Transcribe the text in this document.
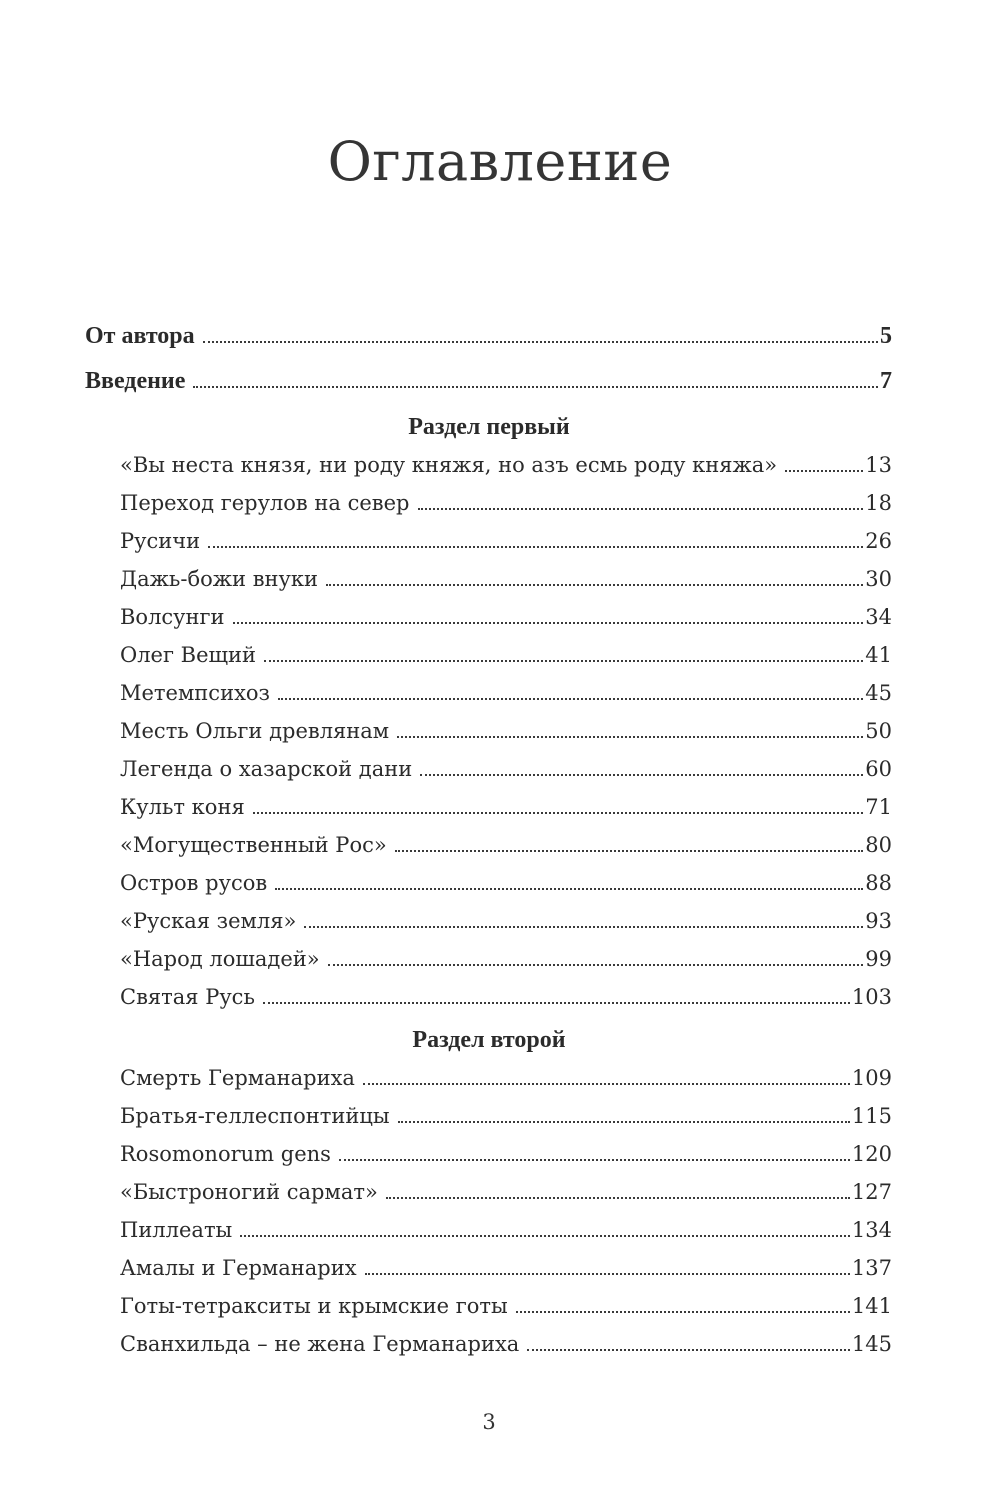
Оглавление
От автора	5
Введение	7
Раздел первый
«Вы неста князя, ни роду княжя, но азъ есмь роду княжа»	13
Переход герулов на север	18
Русичи	26
Дажь-божи внуки	30
Волсунги	34
Олег Вещий	41
Метемпсихоз	45
Месть Ольги древлянам	50
Легенда о хазарской дани	60
Культ коня	71
«Могущественный Рос»	80
Остров русов	88
«Руская земля»	93
«Народ лошадей»	99
Святая Русь	103
Раздел второй
Смерть Германариха	109
Братья-геллеспонтийцы	115
Rosomonorum gens	120
«Быстроногий сармат»	127
Пиллеаты	134
Амалы и Германарих	137
Готы-тетракситы и крымские готы	141
Сванхильда – не жена Германариха	145
3
